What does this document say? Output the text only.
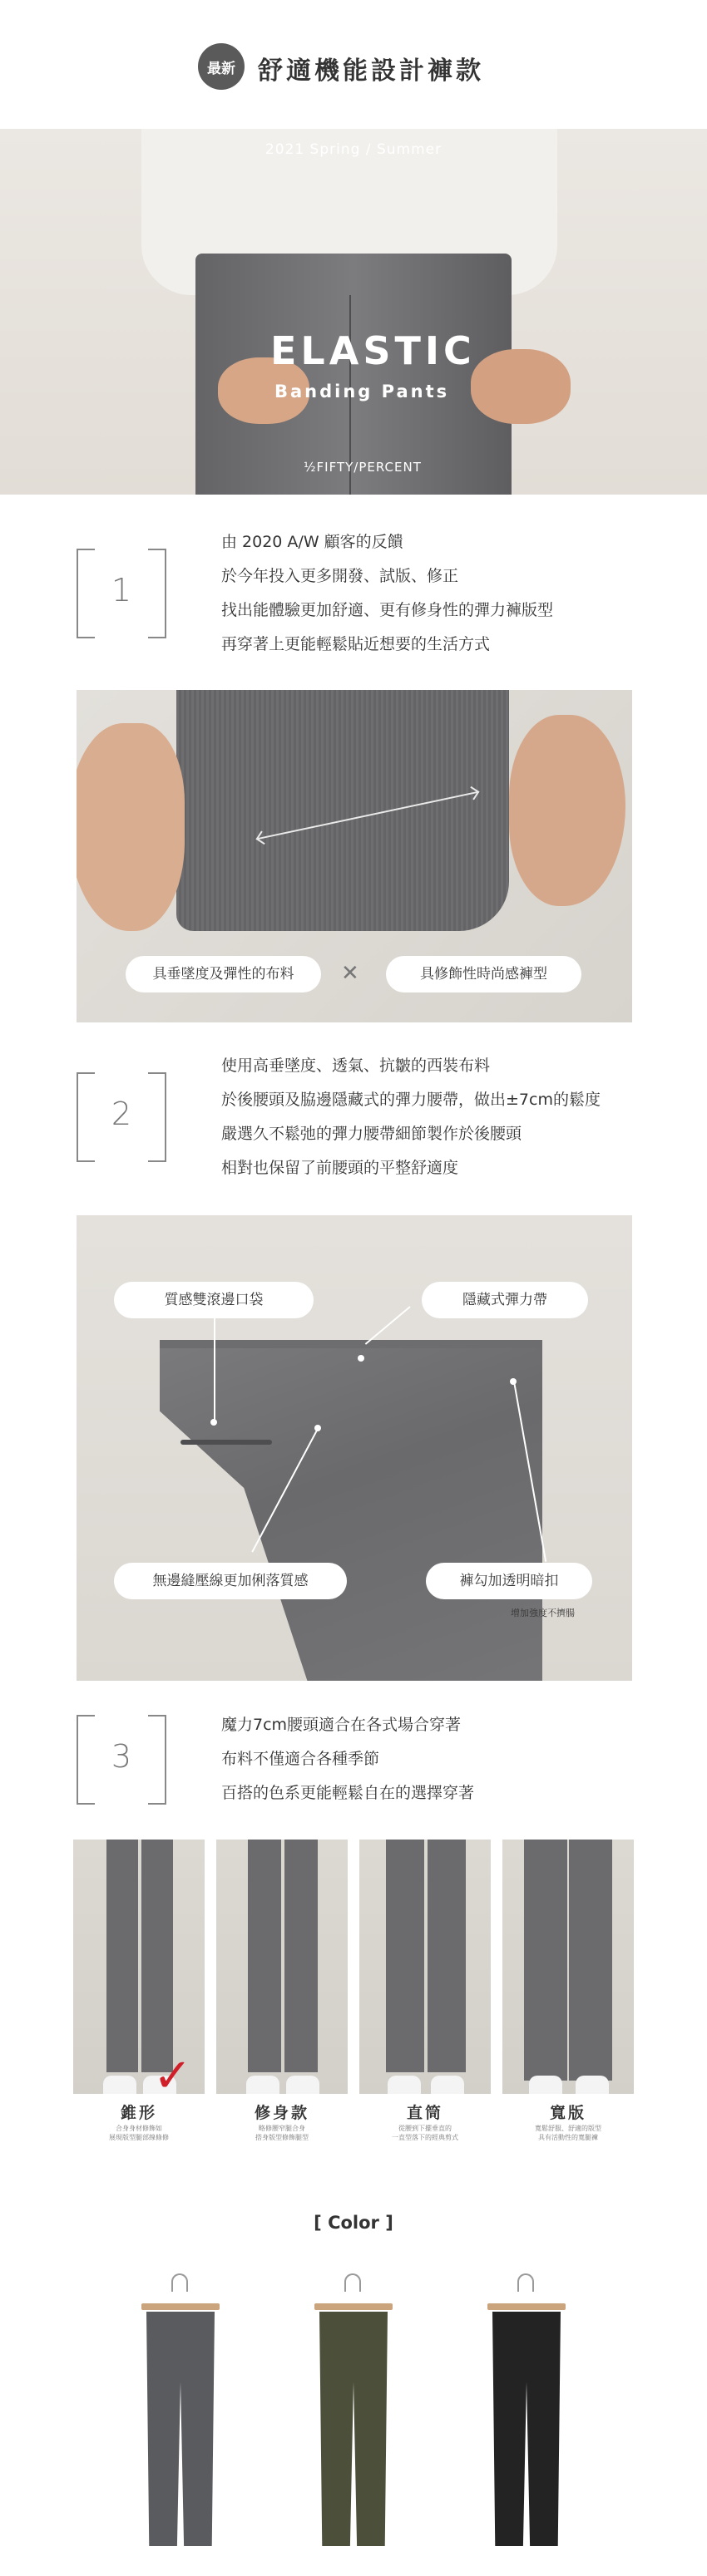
最新 舒適機能設計褲款
2021 Spring / Summer
ELASTIC
Banding Pants
½FIFTY/PERCENT
1
由 2020 A/W 顧客的反饋
於今年投入更多開發、試版、修正
找出能體驗更加舒適、更有修身性的彈力褲版型
再穿著上更能輕鬆貼近想要的生活方式
具垂墜度及彈性的布料	✕	具修飾性時尚感褲型
2
使用高垂墜度、透氣、抗皺的西裝布料
於後腰頭及脇邊隱藏式的彈力腰帶，做出±7cm的鬆度
嚴選久不鬆弛的彈力腰帶細節製作於後腰頭
相對也保留了前腰頭的平整舒適度
質感雙滾邊口袋	隱藏式彈力帶
無邊縫壓線更加俐落質感	褲勾加透明暗扣
增加強度不擠腸
3
魔力7cm腰頭適合在各式場合穿著
布料不僅適合各種季節
百搭的色系更能輕鬆自在的選擇穿著
✓
錐形
合身身材修飾如
展現版型腿部線條修
修身款
略修腰窄腿合身
搭身版型修飾腿型
直筒
從腰到下擺垂直的
一直型落下的經典剪式
寬版
寬鬆舒服、舒適的版型
具有活動性的寬腿褲
[ Color ]
